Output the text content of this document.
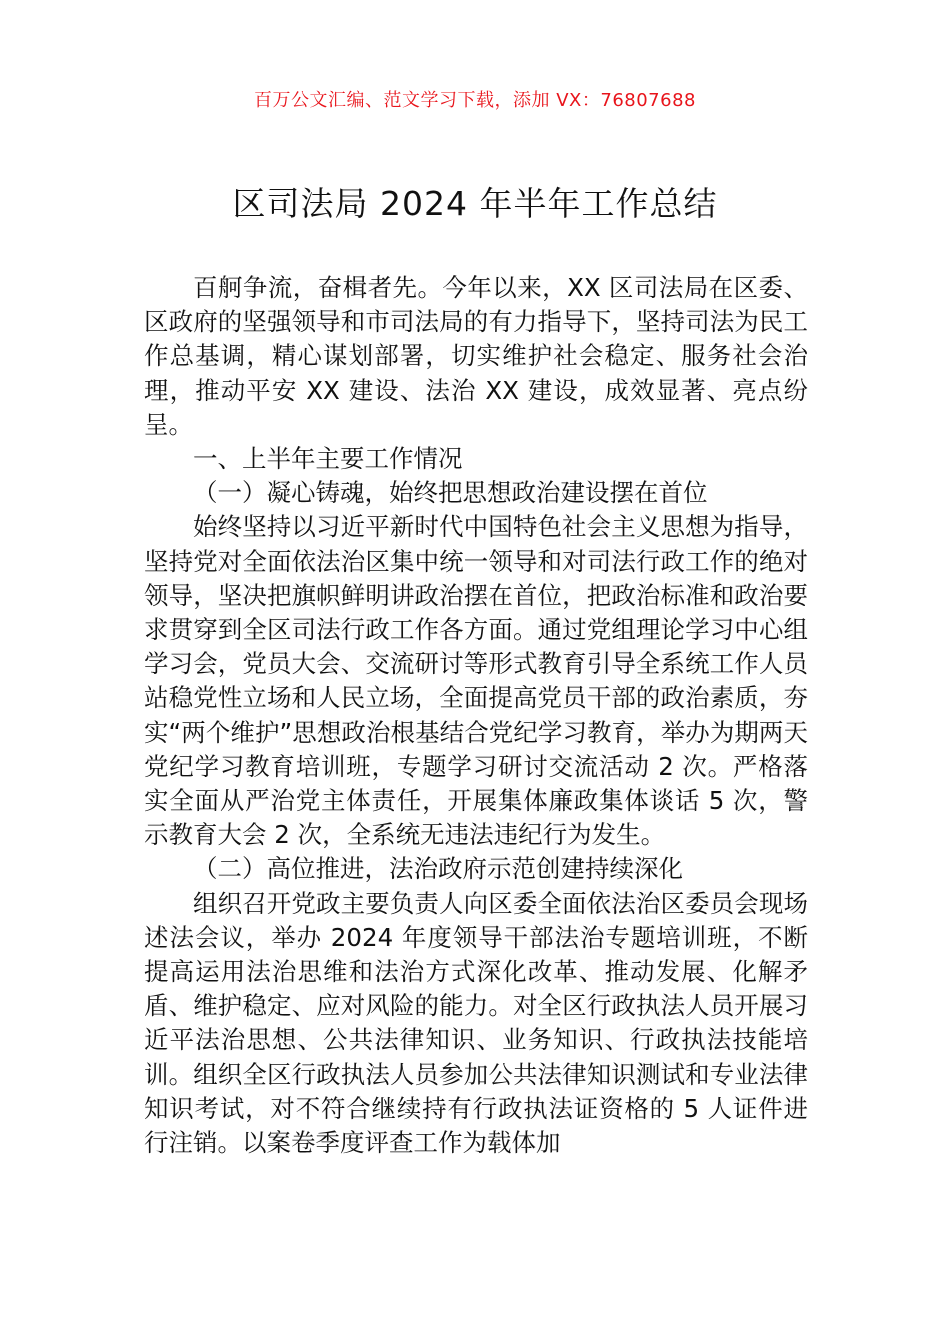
百万公文汇编、范文学习下载，添加 VX：76807688
区司法局 2024 年半年工作总结

百舸争流，奋楫者先。今年以来，XX 区司法局在区委、区政府的坚强领导和市司法局的有力指导下，坚持司法为民工作总基调，精心谋划部署，切实维护社会稳定、服务社会治理，推动平安 XX 建设、法治 XX 建设，成效显著、亮点纷呈。

一、上半年主要工作情况

（一）凝心铸魂，始终把思想政治建设摆在首位

始终坚持以习近平新时代中国特色社会主义思想为指导，坚持党对全面依法治区集中统一领导和对司法行政工作的绝对领导，坚决把旗帜鲜明讲政治摆在首位，把政治标准和政治要求贯穿到全区司法行政工作各方面。通过党组理论学习中心组学习会，党员大会、交流研讨等形式教育引导全系统工作人员站稳党性立场和人民立场，全面提高党员干部的政治素质，夯实“两个维护”思想政治根基结合党纪学习教育，举办为期两天党纪学习教育培训班，专题学习研讨交流活动 2 次。严格落实全面从严治党主体责任，开展集体廉政集体谈话 5 次，警示教育大会 2 次，全系统无违法违纪行为发生。

（二）高位推进，法治政府示范创建持续深化

组织召开党政主要负责人向区委全面依法治区委员会现场述法会议，举办 2024 年度领导干部法治专题培训班，不断提高运用法治思维和法治方式深化改革、推动发展、化解矛盾、维护稳定、应对风险的能力。对全区行政执法人员开展习近平法治思想、公共法律知识、业务知识、行政执法技能培训。组织全区行政执法人员参加公共法律知识测试和专业法律知识考试，对不符合继续持有行政执法证资格的 5 人证件进行注销。以案卷季度评查工作为载体加
